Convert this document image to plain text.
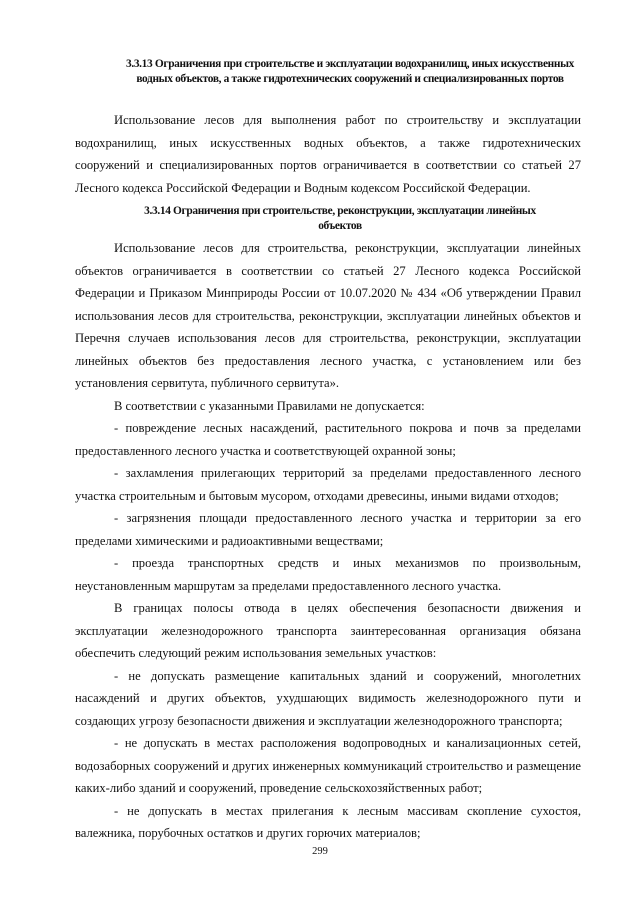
3.3.13 Ограничения при строительстве и эксплуатации водохранилищ, иных искусственных водных объектов, а также гидротехнических сооружений и специализированных портов

Использование лесов для выполнения работ по строительству и эксплуатации водохранилищ, иных искусственных водных объектов, а также гидротехнических сооружений и специализированных портов ограничивается в соответствии со статьей 27 Лесного кодекса Российской Федерации и Водным кодексом Российской Федерации.

3.3.14 Ограничения при строительстве, реконструкции, эксплуатации линейных объектов

Использование лесов для строительства, реконструкции, эксплуатации линейных объектов ограничивается в соответствии со статьей 27 Лесного кодекса Российской Федерации и Приказом Минприроды России от 10.07.2020 № 434 «Об утверждении Правил использования лесов для строительства, реконструкции, эксплуатации линейных объектов и Перечня случаев использования лесов для строительства, реконструкции, эксплуатации линейных объектов без предоставления лесного участка, с установлением или без установления сервитута, публичного сервитута».

В соответствии с указанными Правилами не допускается:

- повреждение лесных насаждений, растительного покрова и почв за пределами предоставленного лесного участка и соответствующей охранной зоны;

- захламления прилегающих территорий за пределами предоставленного лесного участка строительным и бытовым мусором, отходами древесины, иными видами отходов;

- загрязнения площади предоставленного лесного участка и территории за его пределами химическими и радиоактивными веществами;

- проезда транспортных средств и иных механизмов по произвольным, неустановленным маршрутам за пределами предоставленного лесного участка.

В границах полосы отвода в целях обеспечения безопасности движения и эксплуатации железнодорожного транспорта заинтересованная организация обязана обеспечить следующий режим использования земельных участков:

- не допускать размещение капитальных зданий и сооружений, многолетних насаждений и других объектов, ухудшающих видимость железнодорожного пути и создающих угрозу безопасности движения и эксплуатации железнодорожного транспорта;

- не допускать в местах расположения водопроводных и канализационных сетей, водозаборных сооружений и других инженерных коммуникаций строительство и размещение каких-либо зданий и сооружений, проведение сельскохозяйственных работ;

- не допускать в местах прилегания к лесным массивам скопление сухостоя, валежника, порубочных остатков и других горючих материалов;

299
